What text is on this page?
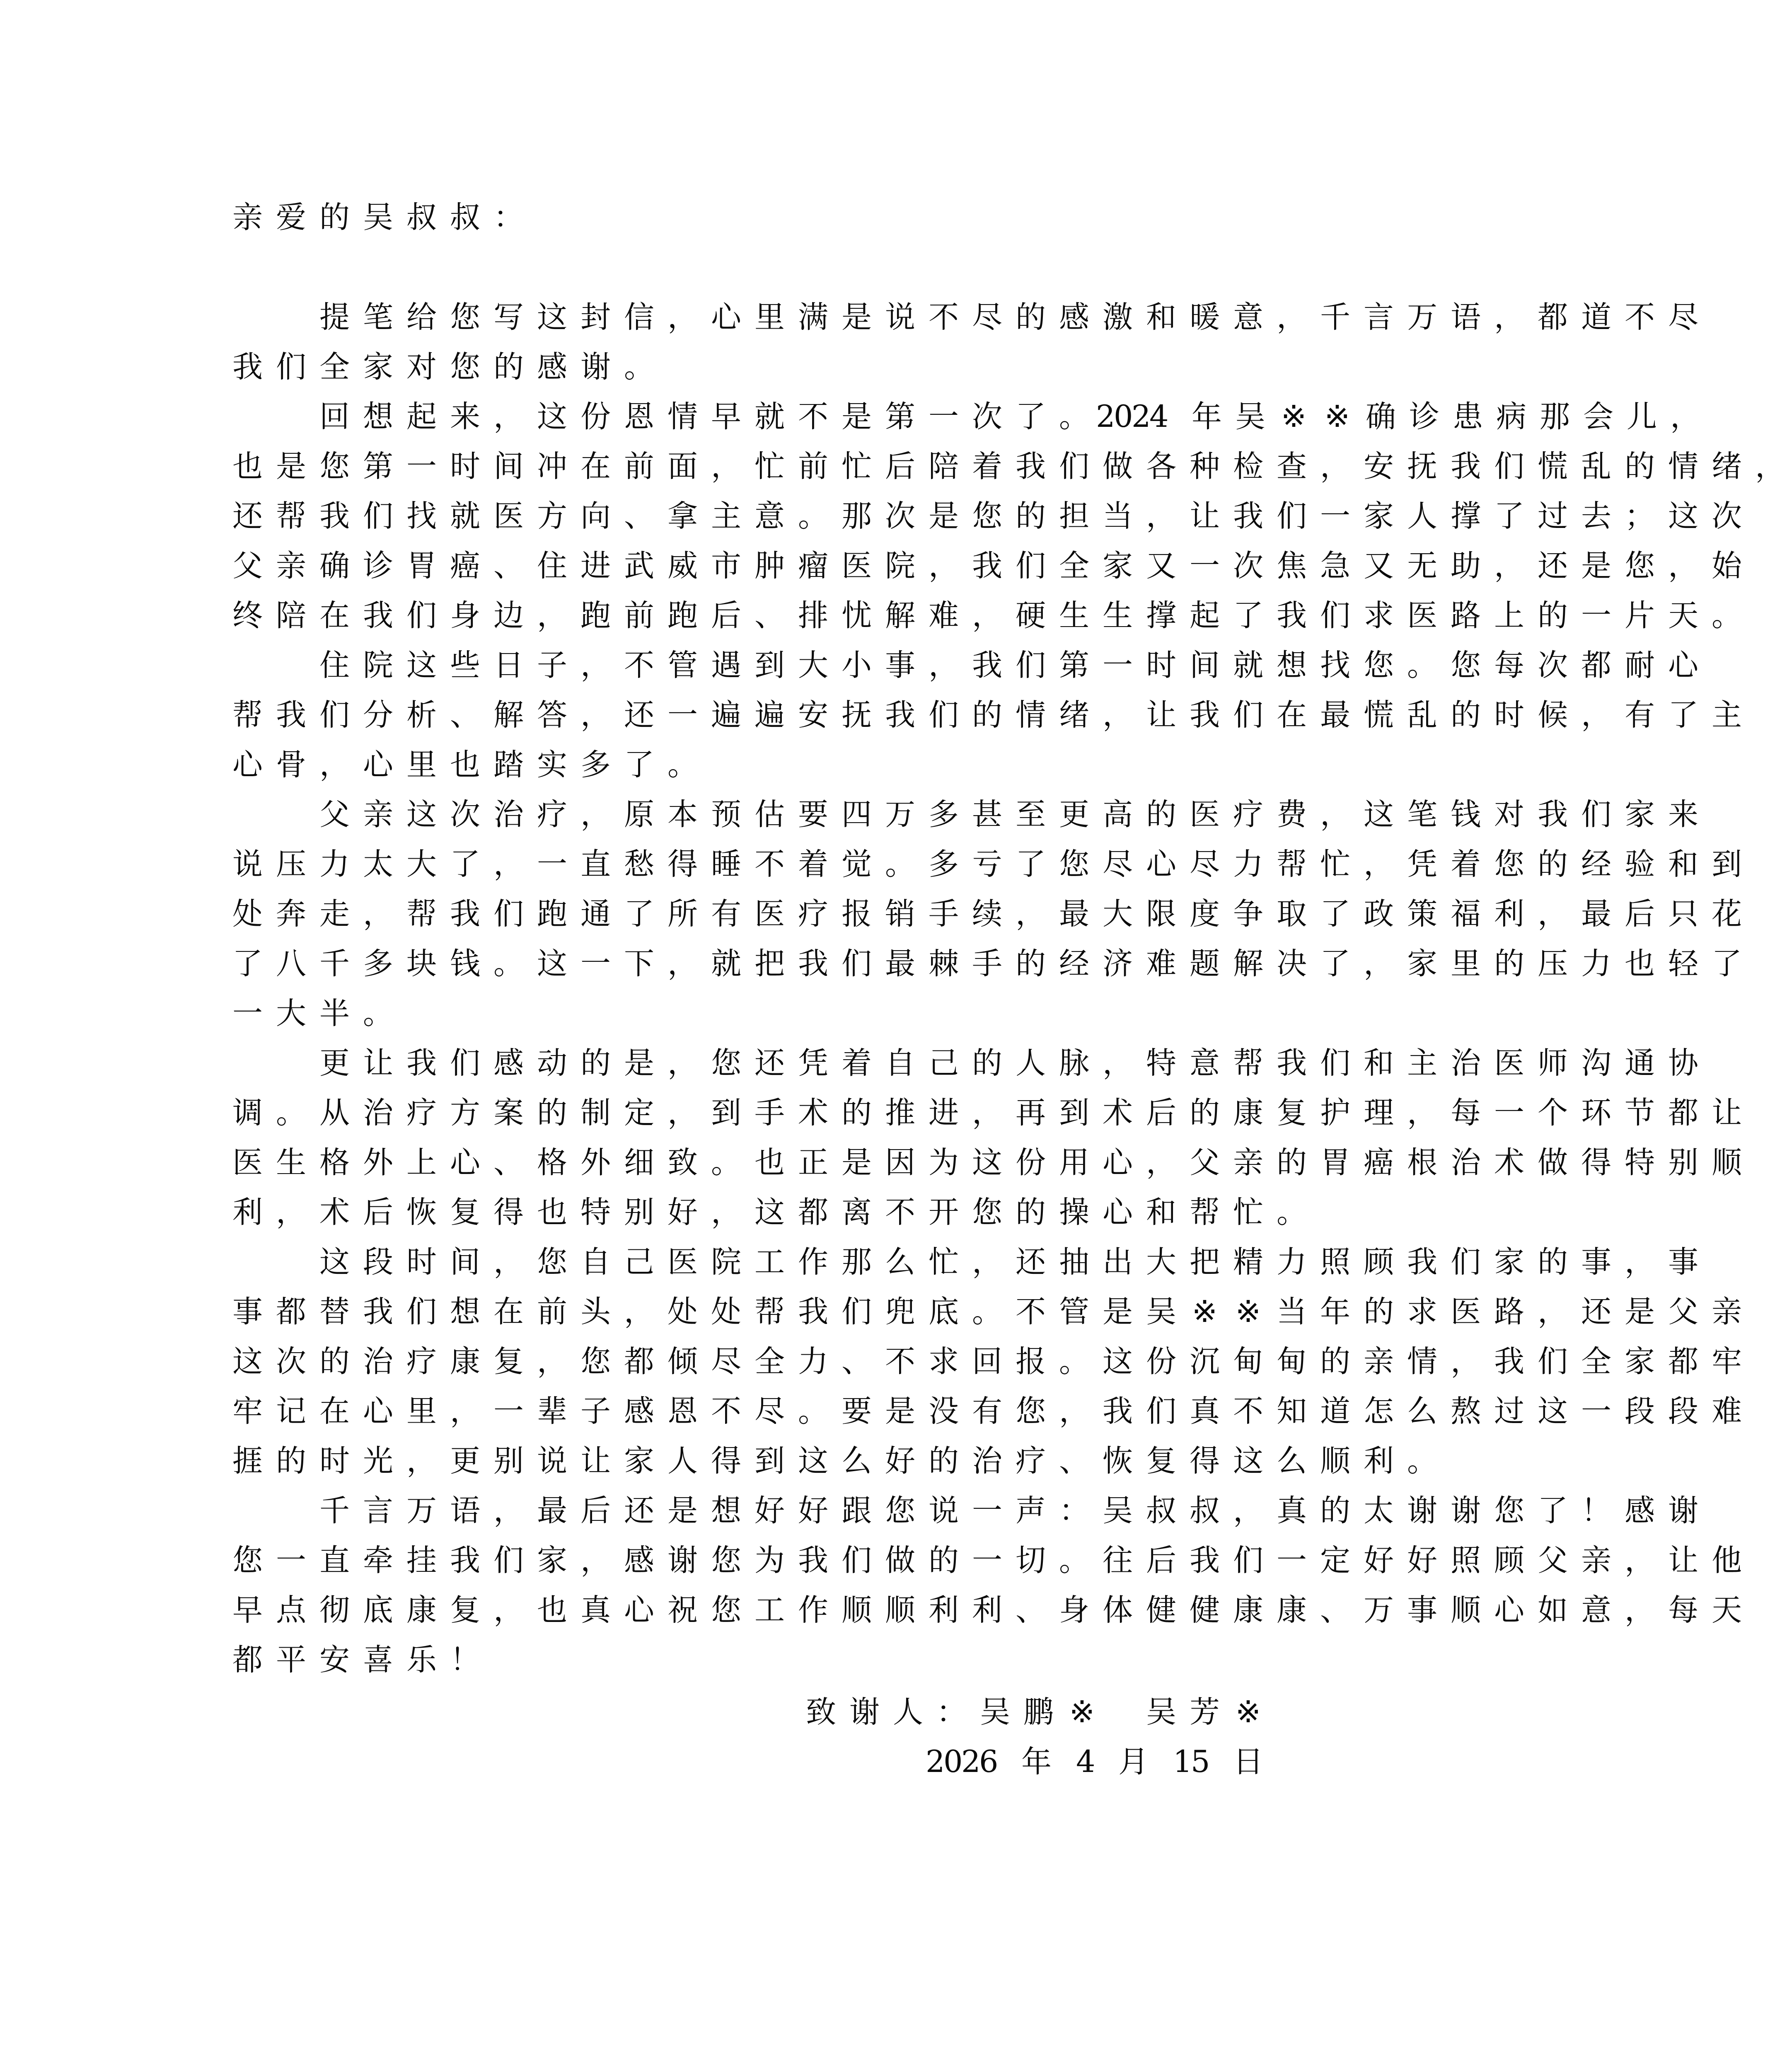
亲 爱 的 吴 叔 叔 ：
提 笔 给 您 写 这 封 信 ， 心 里 满 是 说 不 尽 的 感 激 和 暖 意 ， 千 言 万 语 ， 都 道 不 尽
我 们 全 家 对 您 的 感 谢 。
回 想 起 来 ， 这 份 恩 情 早 就 不 是 第 一 次 了 。 2024 年 吴 ※ ※ 确 诊 患 病 那 会 儿 ，
也 是 您 第 一 时 间 冲 在 前 面 ， 忙 前 忙 后 陪 着 我 们 做 各 种 检 查 ， 安 抚 我 们 慌 乱 的 情 绪 ，
还 帮 我 们 找 就 医 方 向 、 拿 主 意 。 那 次 是 您 的 担 当 ， 让 我 们 一 家 人 撑 了 过 去 ； 这 次
父 亲 确 诊 胃 癌 、 住 进 武 威 市 肿 瘤 医 院 ， 我 们 全 家 又 一 次 焦 急 又 无 助 ， 还 是 您 ， 始
终 陪 在 我 们 身 边 ， 跑 前 跑 后 、 排 忧 解 难 ， 硬 生 生 撑 起 了 我 们 求 医 路 上 的 一 片 天 。
住 院 这 些 日 子 ， 不 管 遇 到 大 小 事 ， 我 们 第 一 时 间 就 想 找 您 。 您 每 次 都 耐 心
帮 我 们 分 析 、 解 答 ， 还 一 遍 遍 安 抚 我 们 的 情 绪 ， 让 我 们 在 最 慌 乱 的 时 候 ， 有 了 主
心 骨 ， 心 里 也 踏 实 多 了 。
父 亲 这 次 治 疗 ， 原 本 预 估 要 四 万 多 甚 至 更 高 的 医 疗 费 ， 这 笔 钱 对 我 们 家 来
说 压 力 太 大 了 ， 一 直 愁 得 睡 不 着 觉 。 多 亏 了 您 尽 心 尽 力 帮 忙 ， 凭 着 您 的 经 验 和 到
处 奔 走 ， 帮 我 们 跑 通 了 所 有 医 疗 报 销 手 续 ， 最 大 限 度 争 取 了 政 策 福 利 ， 最 后 只 花
了 八 千 多 块 钱 。 这 一 下 ， 就 把 我 们 最 棘 手 的 经 济 难 题 解 决 了 ， 家 里 的 压 力 也 轻 了
一 大 半 。
更 让 我 们 感 动 的 是 ， 您 还 凭 着 自 己 的 人 脉 ， 特 意 帮 我 们 和 主 治 医 师 沟 通 协
调 。 从 治 疗 方 案 的 制 定 ， 到 手 术 的 推 进 ， 再 到 术 后 的 康 复 护 理 ， 每 一 个 环 节 都 让
医 生 格 外 上 心 、 格 外 细 致 。 也 正 是 因 为 这 份 用 心 ， 父 亲 的 胃 癌 根 治 术 做 得 特 别 顺
利 ， 术 后 恢 复 得 也 特 别 好 ， 这 都 离 不 开 您 的 操 心 和 帮 忙 。
这 段 时 间 ， 您 自 己 医 院 工 作 那 么 忙 ， 还 抽 出 大 把 精 力 照 顾 我 们 家 的 事 ， 事
事 都 替 我 们 想 在 前 头 ， 处 处 帮 我 们 兜 底 。 不 管 是 吴 ※ ※ 当 年 的 求 医 路 ， 还 是 父 亲
这 次 的 治 疗 康 复 ， 您 都 倾 尽 全 力 、 不 求 回 报 。 这 份 沉 甸 甸 的 亲 情 ， 我 们 全 家 都 牢
牢 记 在 心 里 ， 一 辈 子 感 恩 不 尽 。 要 是 没 有 您 ， 我 们 真 不 知 道 怎 么 熬 过 这 一 段 段 难
捱 的 时 光 ， 更 别 说 让 家 人 得 到 这 么 好 的 治 疗 、 恢 复 得 这 么 顺 利 。
千 言 万 语 ， 最 后 还 是 想 好 好 跟 您 说 一 声 ： 吴 叔 叔 ， 真 的 太 谢 谢 您 了 ！ 感 谢
您 一 直 牵 挂 我 们 家 ， 感 谢 您 为 我 们 做 的 一 切 。 往 后 我 们 一 定 好 好 照 顾 父 亲 ， 让 他
早 点 彻 底 康 复 ， 也 真 心 祝 您 工 作 顺 顺 利 利 、 身 体 健 健 康 康 、 万 事 顺 心 如 意 ， 每 天
都 平 安 喜 乐 ！
致 谢 人 ： 吴 鹏 ※ 吴 芳 ※
2026 年 4 月 15 日
